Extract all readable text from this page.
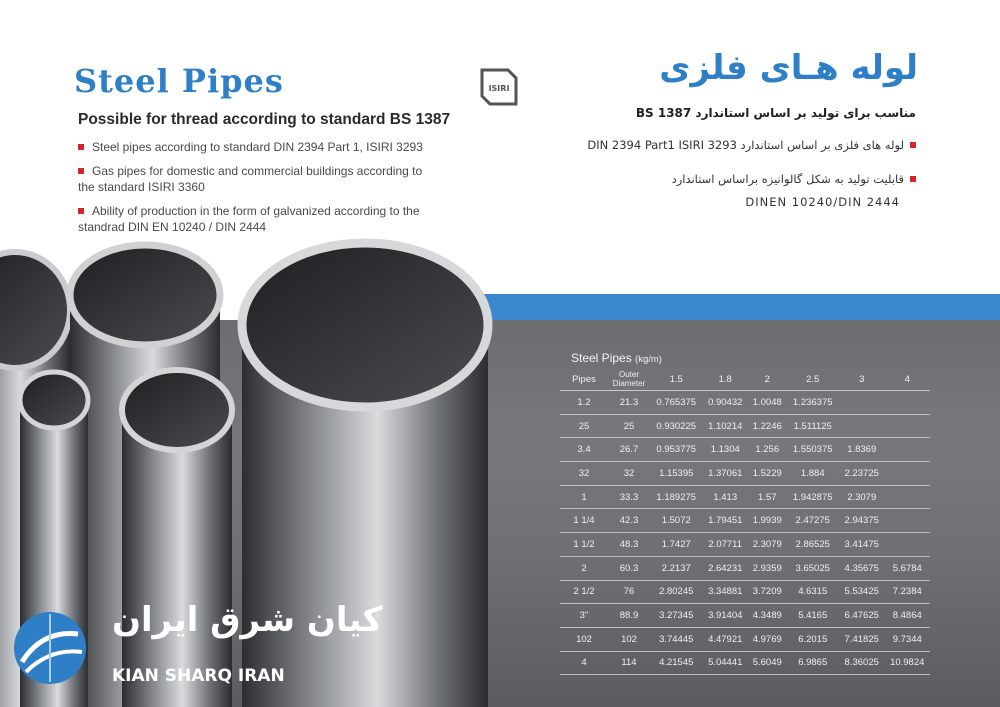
Steel Pipes

Possible for thread according to standard BS 1387

Steel pipes according to standard DIN 2394 Part 1, ISIRI 3293
Gas pipes for domestic and commercial buildings according to the standard ISIRI 3360
Ability of production in the form of galvanized according to the standrad DIN EN 10240 / DIN 2444
ISIRI
لوله هـای فلزی

مناسب برای تولید بر اساس استاندارد BS 1387

لوله های فلزی بر اساس استاندارد DIN 2394 Part1 ISIRI 3293
قابلیت تولید به شکل گالوانیزه براساس استاندارد
DINEN 10240/DIN 2444
Steel Pipes (kg/m)
Pipes	Outer Diameter	1.5	1.8	2	2.5	3	4
1.2	21.3	0.765375	0.90432	1.0048	1.236375		
25	25	0.930225	1.10214	1.2246	1.511125		
3.4	26.7	0.953775	1.1304	1.256	1.550375	1.8369	
32	32	1.15395	1.37061	1.5229	1.884	2.23725	
1	33.3	1.189275	1.413	1.57	1.942875	2.3079	
1 1/4	42.3	1.5072	1.79451	1.9939	2.47275	2.94375	
1 1/2	48.3	1.7427	2.07711	2.3079	2.86525	3.41475	
2	60.3	2.2137	2.64231	2.9359	3.65025	4.35675	5.6784
2 1/2	76	2.80245	3.34881	3.7209	4.6315	5.53425	7.2384
3"	88.9	3.27345	3.91404	4.3489	5.4165	6.47625	8.4864
102	102	3.74445	4.47921	4.9769	6.2015	7.41825	9.7344
4	114	4.21545	5.04441	5.6049	6.9865	8.36025	10.9824
کیان شرق ایران
KIAN SHARQ IRAN
